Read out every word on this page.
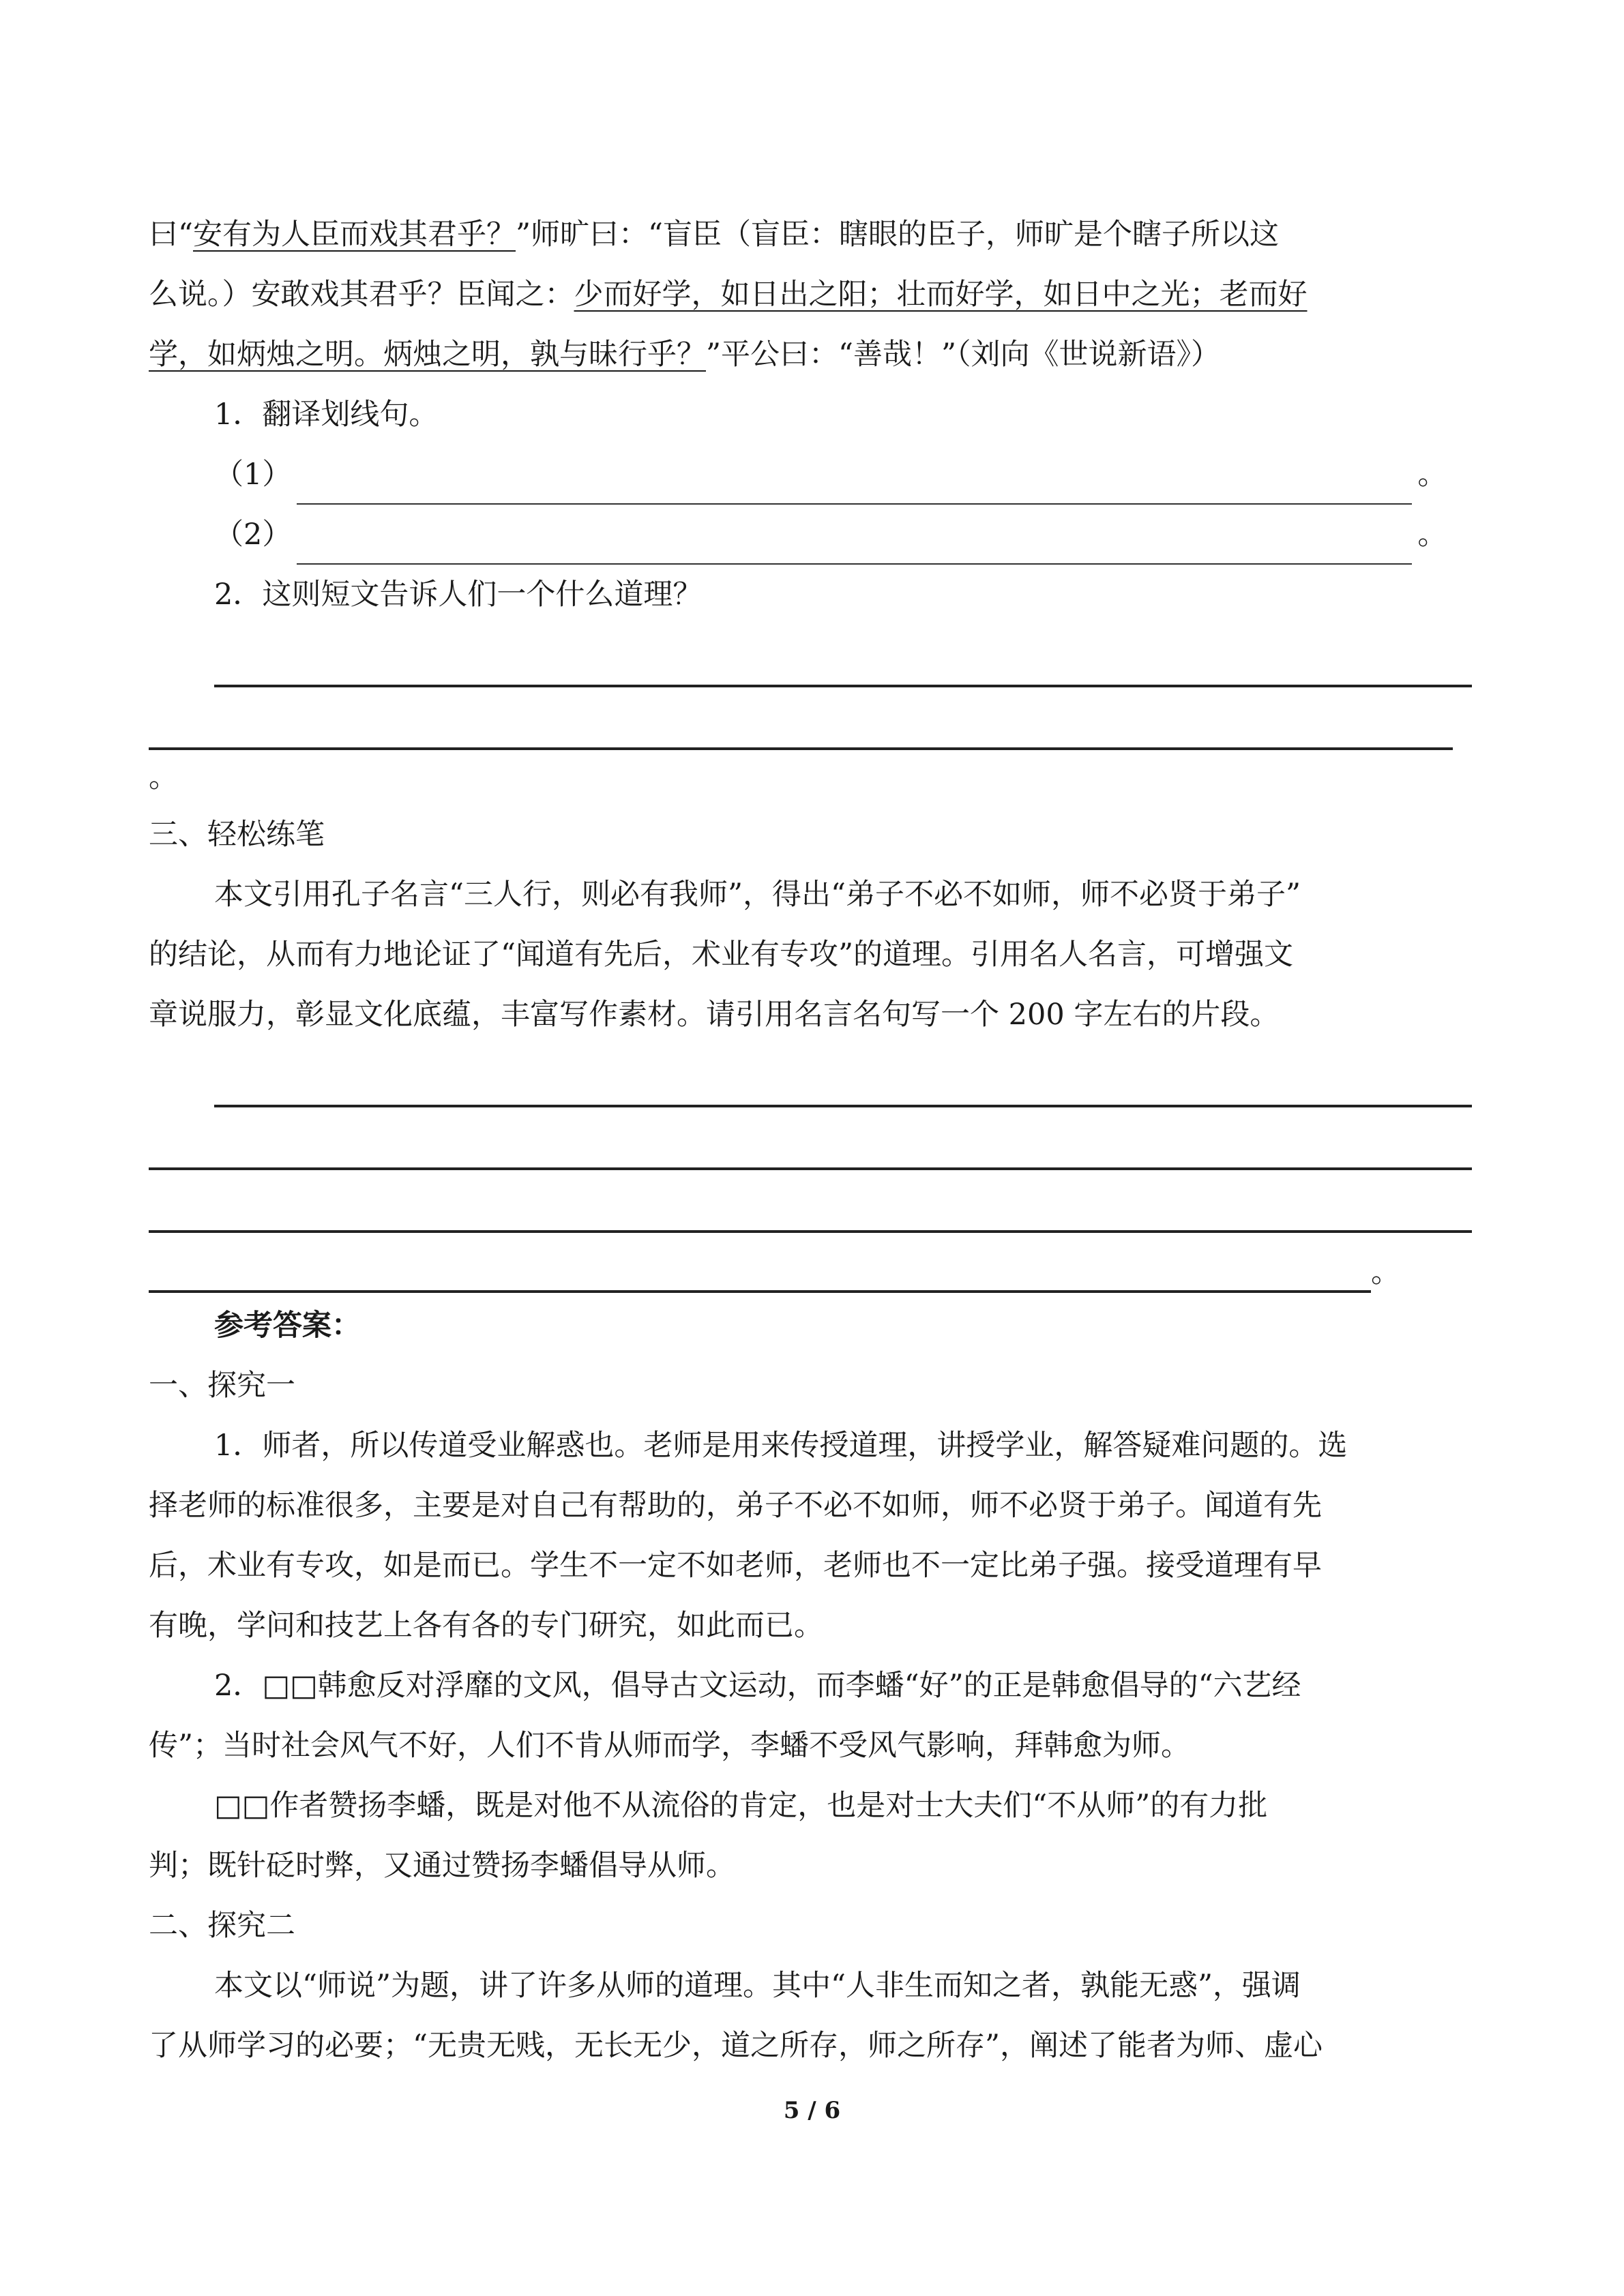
曰“安有为人臣而戏其君乎？”师旷曰：“盲臣（盲臣：瞎眼的臣子，师旷是个瞎子所以这
么说。）安敢戏其君乎？臣闻之：少而好学，如日出之阳；壮而好学，如日中之光；老而好
学，如炳烛之明。炳烛之明，孰与昧行乎？”平公曰：“善哉！”（刘向《世说新语》）
1．翻译划线句。
（1）	。
（2）	。
2．这则短文告诉人们一个什么道理？
。
三、轻松练笔
本文引用孔子名言“三人行，则必有我师”，得出“弟子不必不如师，师不必贤于弟子”
的结论，从而有力地论证了“闻道有先后，术业有专攻”的道理。引用名人名言，可增强文
章说服力，彰显文化底蕴，丰富写作素材。请引用名言名句写一个 200 字左右的片段。
。
参考答案：
一、探究一
1．师者，所以传道受业解惑也。老师是用来传授道理，讲授学业，解答疑难问题的。选
择老师的标准很多，主要是对自己有帮助的，弟子不必不如师，师不必贤于弟子。闻道有先
后，术业有专攻，如是而已。学生不一定不如老师，老师也不一定比弟子强。接受道理有早
有晚，学问和技艺上各有各的专门研究，如此而已。
2．□□韩愈反对浮靡的文风，倡导古文运动，而李蟠“好”的正是韩愈倡导的“六艺经
传”；当时社会风气不好，人们不肯从师而学，李蟠不受风气影响，拜韩愈为师。
□□作者赞扬李蟠，既是对他不从流俗的肯定，也是对士大夫们“不从师”的有力批
判；既针砭时弊，又通过赞扬李蟠倡导从师。
二、探究二
本文以“师说”为题，讲了许多从师的道理。其中“人非生而知之者，孰能无惑”，强调
了从师学习的必要；“无贵无贱，无长无少，道之所存，师之所存”，阐述了能者为师、虚心
5 / 6
